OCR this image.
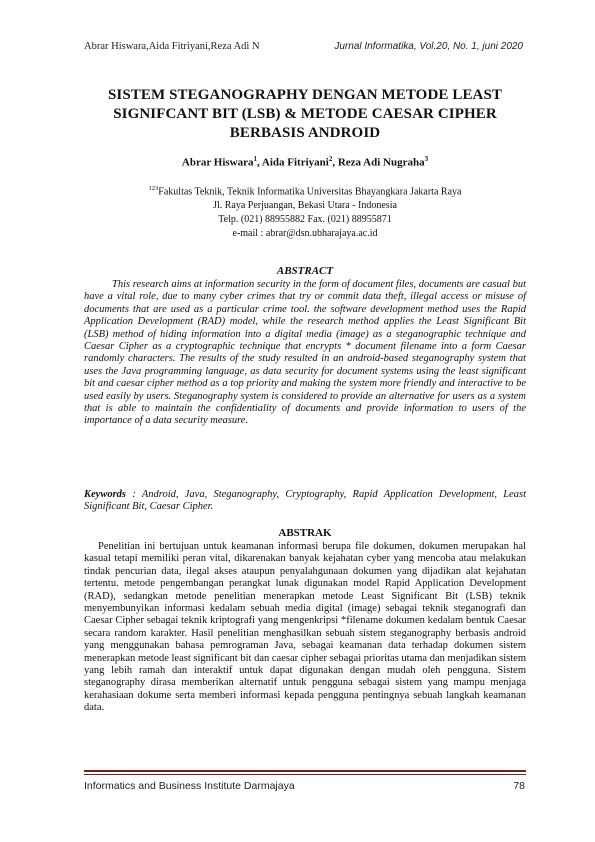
Abrar Hiswara,Aida Fitriyani,Reza Adi N	Jurnal Informatika, Vol.20, No. 1, juni 2020
SISTEM STEGANOGRAPHY DENGAN METODE LEAST
SIGNIFCANT BIT (LSB) & METODE CAESAR CIPHER
BERBASIS ANDROID
Abrar Hiswara$^1$, Aida Fitriyani$^2$, Reza Adi Nugraha$^3$
$^{123}$Fakultas Teknik, Teknik Informatika Universitas Bhayangkara Jakarta Raya
Jl. Raya Perjuangan, Bekasi Utara - Indonesia
Telp. (021) 88955882 Fax. (021) 88955871
e-mail : abrar@dsn.ubharajaya.ac.id
ABSTRACT
This research aims at information security in the form of document files, documents are casual but have a vital role, due to many cyber crimes that try or commit data theft, illegal access or misuse of documents that are used as a particular crime tool. the software development method uses the Rapid Application Development (RAD) model, while the research method applies the Least Significant Bit (LSB) method of hiding information into a digital media (image) as a steganographic technique and Caesar Cipher as a cryptographic technique that encrypts * document filename into a form Caesar randomly characters. The results of the study resulted in an android-based steganography system that uses the Java programming language, as data security for document systems using the least significant bit and caesar cipher method as a top priority and making the system more friendly and interactive to be used easily by users. Steganography system is considered to provide an alternative for users as a system that is able to maintain the confidentiality of documents and provide information to users of the importance of a data security measure.
Keywords : Android, Java, Steganography, Cryptography, Rapid Application Development, Least Significant Bit, Caesar Cipher.
ABSTRAK
Penelitian ini bertujuan untuk keamanan informasi berupa file dokumen, dokumen merupakan hal kasual tetapi memiliki peran vital, dikarenakan banyak kejahatan cyber yang mencoba atau melakukan tindak pencurian data, ilegal akses ataupun penyalahgunaan dokumen yang dijadikan alat kejahatan tertentu. metode pengembangan perangkat lunak digunakan model Rapid Application Development (RAD), sedangkan metode penelitian menerapkan metode Least Significant Bit (LSB) teknik menyembunyikan informasi kedalam sebuah media digital (image) sebagai teknik steganografi dan Caesar Cipher sebagai teknik kriptografi yang mengenkripsi *filename dokumen kedalam bentuk Caesar secara random karakter. Hasil penelitian menghasilkan sebuah sistem steganography berbasis android yang menggunakan bahasa pemrograman Java, sebagai keamanan data terhadap dokumen sistem menerapkan metode least significant bit dan caesar cipher sebagai prioritas utama dan menjadikan sistem yang lebih ramah dan interaktif untuk dapat digunakan dengan mudah oleh pengguna. Sistem steganography dirasa memberikan alternatif untuk pengguna sebagai sistem yang mampu menjaga kerahasiaan dokume serta memberi informasi kepada pengguna pentingnya sebuah langkah keamanan data.
Informatics and Business Institute Darmajaya	78
